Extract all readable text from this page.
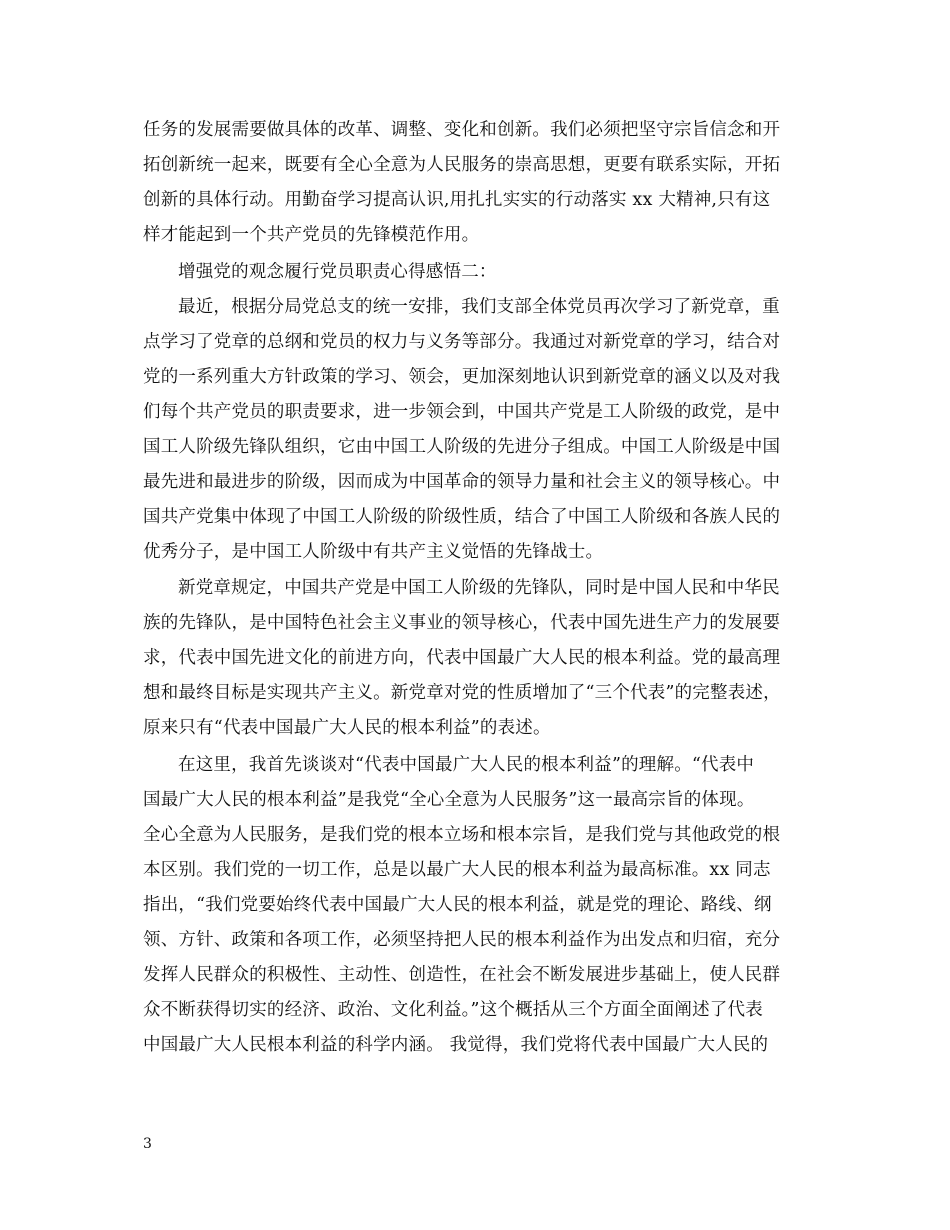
任务的发展需要做具体的改革、调整、变化和创新。我们必须把坚守宗旨信念和开
拓创新统一起来，既要有全心全意为人民服务的崇高思想，更要有联系实际，开拓
创新的具体行动。用勤奋学习提高认识,用扎扎实实的行动落实 xx 大精神,只有这
样才能起到一个共产党员的先锋模范作用。
增强党的观念履行党员职责心得感悟二：
最近，根据分局党总支的统一安排，我们支部全体党员再次学习了新党章，重
点学习了党章的总纲和党员的权力与义务等部分。我通过对新党章的学习，结合对
党的一系列重大方针政策的学习、领会，更加深刻地认识到新党章的涵义以及对我
们每个共产党员的职责要求，进一步领会到，中国共产党是工人阶级的政党，是中
国工人阶级先锋队组织，它由中国工人阶级的先进分子组成。中国工人阶级是中国
最先进和最进步的阶级，因而成为中国革命的领导力量和社会主义的领导核心。中
国共产党集中体现了中国工人阶级的阶级性质，结合了中国工人阶级和各族人民的
优秀分子，是中国工人阶级中有共产主义觉悟的先锋战士。
新党章规定，中国共产党是中国工人阶级的先锋队，同时是中国人民和中华民
族的先锋队，是中国特色社会主义事业的领导核心，代表中国先进生产力的发展要
求，代表中国先进文化的前进方向，代表中国最广大人民的根本利益。党的最高理
想和最终目标是实现共产主义。新党章对党的性质增加了“三个代表”的完整表述，
原来只有“代表中国最广大人民的根本利益”的表述。
在这里，我首先谈谈对“代表中国最广大人民的根本利益”的理解。“代表中
国最广大人民的根本利益”是我党“全心全意为人民服务”这一最高宗旨的体现。
全心全意为人民服务，是我们党的根本立场和根本宗旨，是我们党与其他政党的根
本区别。我们党的一切工作，总是以最广大人民的根本利益为最高标准。xx 同志
指出，“我们党要始终代表中国最广大人民的根本利益，就是党的理论、路线、纲
领、方针、政策和各项工作，必须坚持把人民的根本利益作为出发点和归宿，充分
发挥人民群众的积极性、主动性、创造性，在社会不断发展进步基础上，使人民群
众不断获得切实的经济、政治、文化利益。”这个概括从三个方面全面阐述了代表
中国最广大人民根本利益的科学内涵。 我觉得，我们党将代表中国最广大人民的
3
